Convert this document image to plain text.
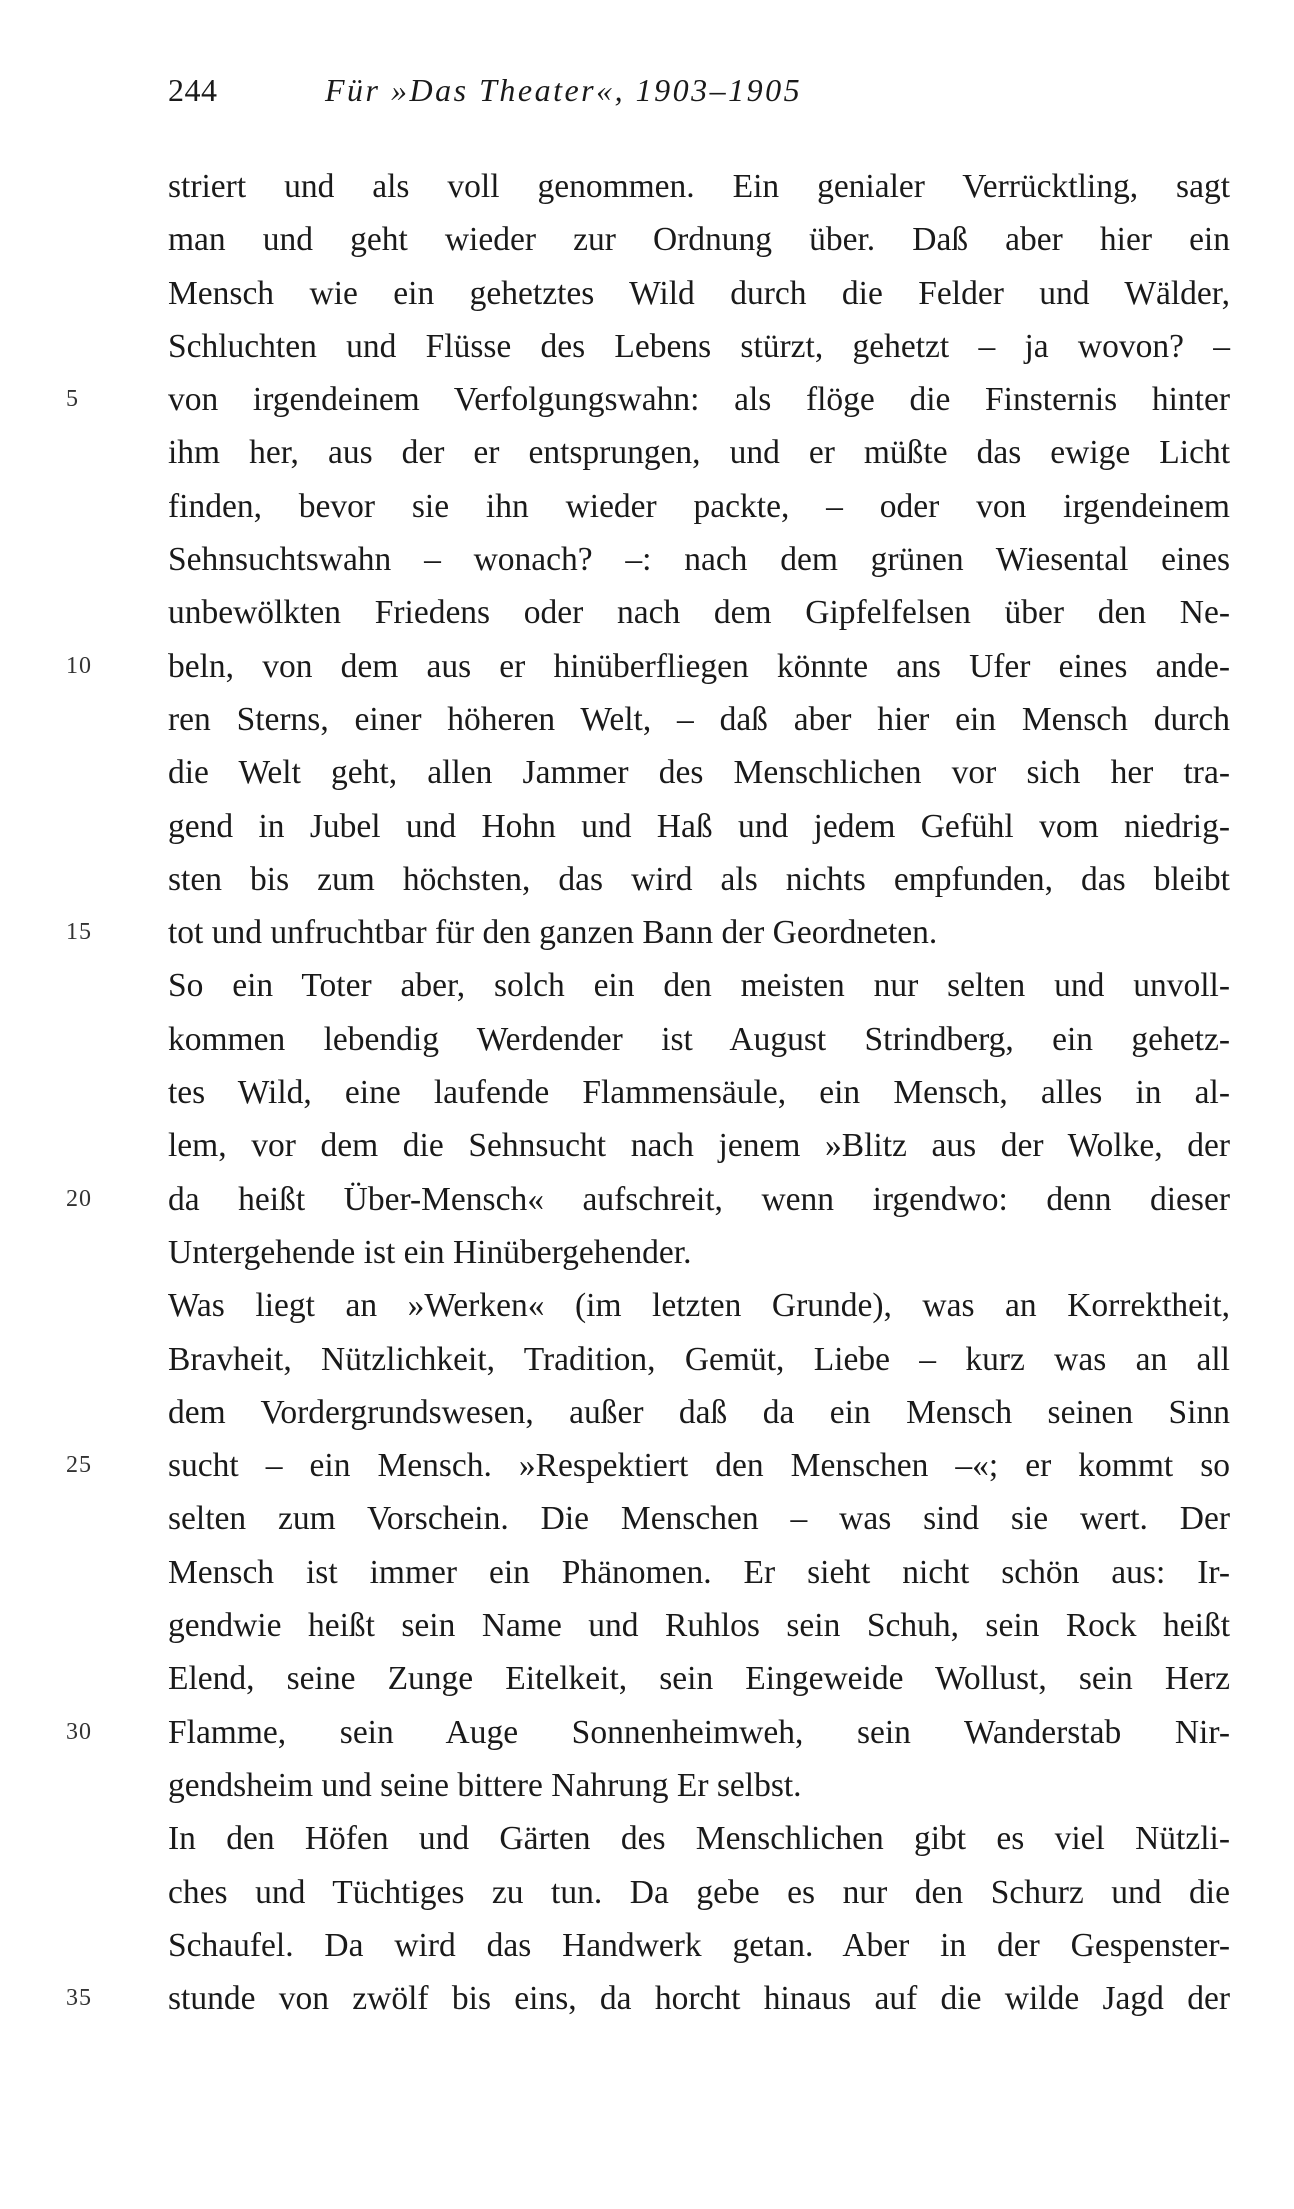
244	Für »Das Theater«, 1903–1905
striert und als voll genommen. Ein genialer Verrücktling, sagt
man und geht wieder zur Ordnung über. Daß aber hier ein
Mensch wie ein gehetztes Wild durch die Felder und Wälder,
Schluchten und Flüsse des Lebens stürzt, gehetzt – ja wovon? –
5	von irgendeinem Verfolgungswahn: als flöge die Finsternis hinter
ihm her, aus der er entsprungen, und er müßte das ewige Licht
finden, bevor sie ihn wieder packte, – oder von irgendeinem
Sehnsuchtswahn – wonach? –: nach dem grünen Wiesental eines
unbewölkten Friedens oder nach dem Gipfelfelsen über den Ne-
10	beln, von dem aus er hinüberfliegen könnte ans Ufer eines ande-
ren Sterns, einer höheren Welt, – daß aber hier ein Mensch durch
die Welt geht, allen Jammer des Menschlichen vor sich her tra-
gend in Jubel und Hohn und Haß und jedem Gefühl vom niedrig-
sten bis zum höchsten, das wird als nichts empfunden, das bleibt
15	tot und unfruchtbar für den ganzen Bann der Geordneten.
So ein Toter aber, solch ein den meisten nur selten und unvoll-
kommen lebendig Werdender ist August Strindberg, ein gehetz-
tes Wild, eine laufende Flammensäule, ein Mensch, alles in al-
lem, vor dem die Sehnsucht nach jenem »Blitz aus der Wolke, der
20	da heißt Über-Mensch« aufschreit, wenn irgendwo: denn dieser
Untergehende ist ein Hinübergehender.
Was liegt an »Werken« (im letzten Grunde), was an Korrektheit,
Bravheit, Nützlichkeit, Tradition, Gemüt, Liebe – kurz was an all
dem Vordergrundswesen, außer daß da ein Mensch seinen Sinn
25	sucht – ein Mensch. »Respektiert den Menschen –«; er kommt so
selten zum Vorschein. Die Menschen – was sind sie wert. Der
Mensch ist immer ein Phänomen. Er sieht nicht schön aus: Ir-
gendwie heißt sein Name und Ruhlos sein Schuh, sein Rock heißt
Elend, seine Zunge Eitelkeit, sein Eingeweide Wollust, sein Herz
30	Flamme, sein Auge Sonnenheimweh, sein Wanderstab Nir-
gendsheim und seine bittere Nahrung Er selbst.
In den Höfen und Gärten des Menschlichen gibt es viel Nützli-
ches und Tüchtiges zu tun. Da gebe es nur den Schurz und die
Schaufel. Da wird das Handwerk getan. Aber in der Gespenster-
35	stunde von zwölf bis eins, da horcht hinaus auf die wilde Jagd der
